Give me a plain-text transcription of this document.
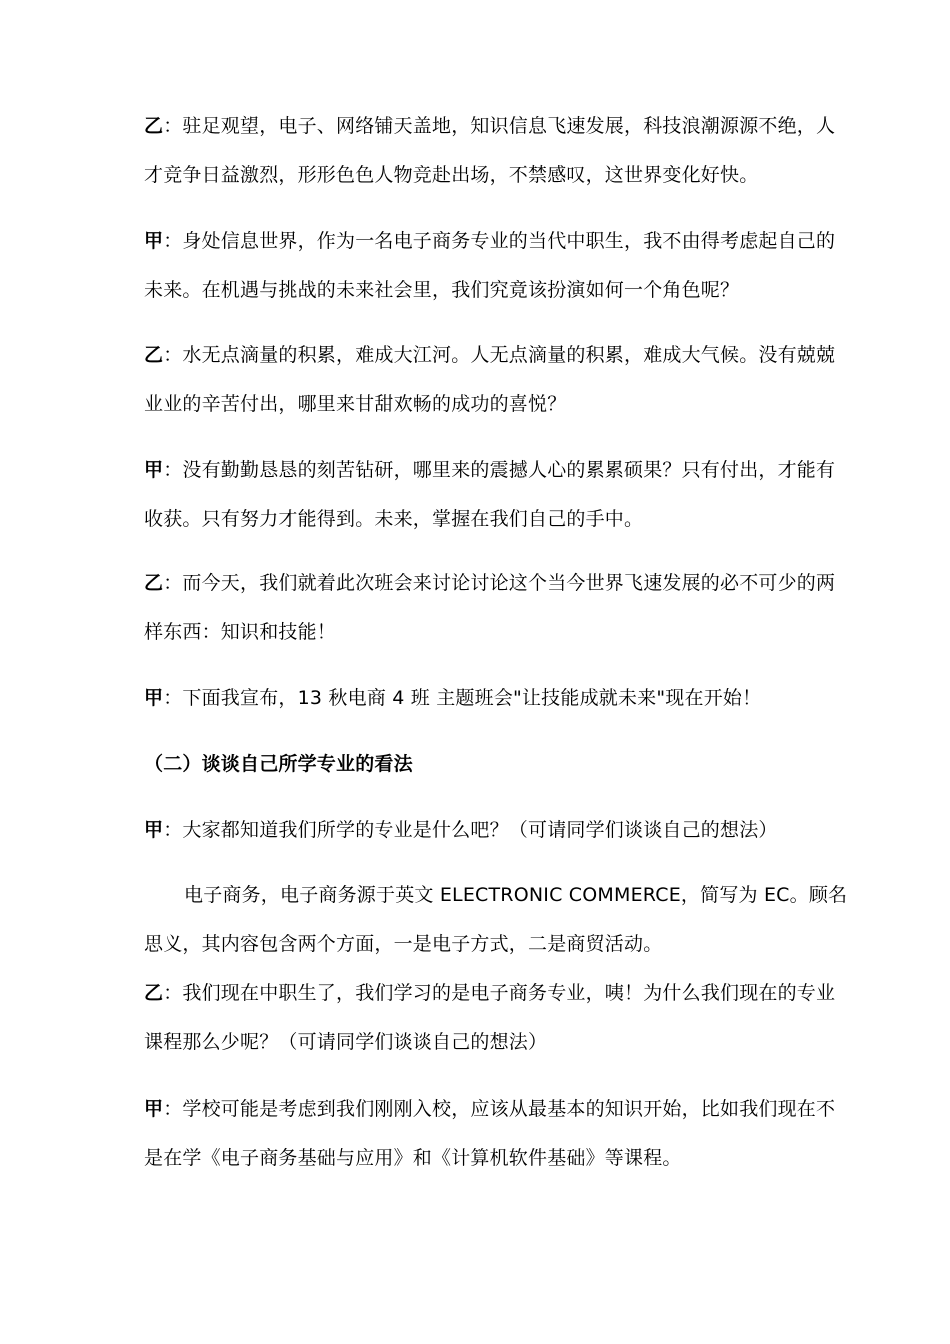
乙：驻足观望，电子、网络铺天盖地，知识信息飞速发展，科技浪潮源源不绝，人才竞争日益激烈，形形色色人物竞赴出场，不禁感叹，这世界变化好快。

甲：身处信息世界，作为一名电子商务专业的当代中职生，我不由得考虑起自己的未来。在机遇与挑战的未来社会里，我们究竟该扮演如何一个角色呢？

乙：水无点滴量的积累，难成大江河。人无点滴量的积累，难成大气候。没有兢兢业业的辛苦付出，哪里来甘甜欢畅的成功的喜悦？

甲：没有勤勤恳恳的刻苦钻研，哪里来的震撼人心的累累硕果？只有付出，才能有收获。只有努力才能得到。未来，掌握在我们自己的手中。

乙：而今天，我们就着此次班会来讨论讨论这个当今世界飞速发展的必不可少的两样东西：知识和技能！

甲：下面我宣布，13 秋电商 4 班 主题班会"让技能成就未来"现在开始！

（二）谈谈自己所学专业的看法

甲：大家都知道我们所学的专业是什么吧？（可请同学们谈谈自己的想法）

电子商务，电子商务源于英文 ELECTRONIC COMMERCE，简写为 EC。顾名思义，其内容包含两个方面，一是电子方式，二是商贸活动。

乙：我们现在中职生了，我们学习的是电子商务专业，咦！为什么我们现在的专业课程那么少呢？（可请同学们谈谈自己的想法）

甲：学校可能是考虑到我们刚刚入校，应该从最基本的知识开始，比如我们现在不是在学《电子商务基础与应用》和《计算机软件基础》等课程。
